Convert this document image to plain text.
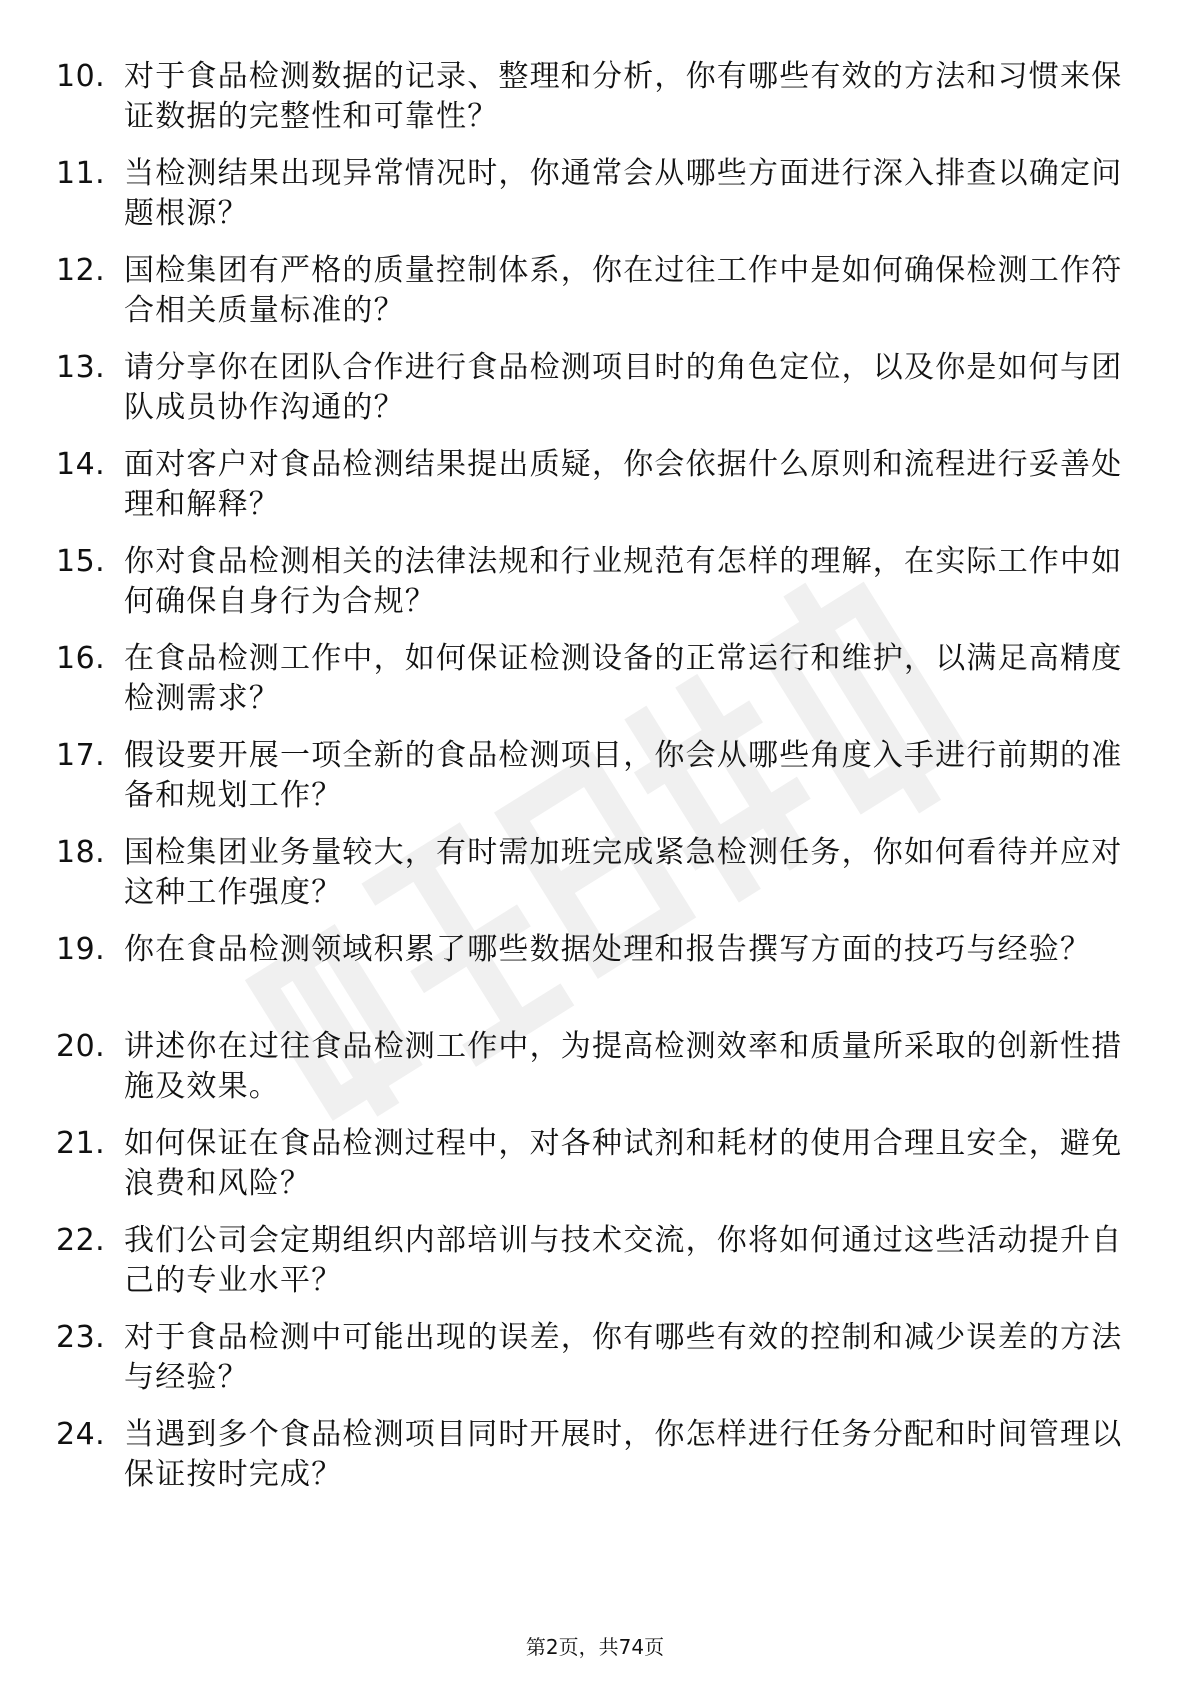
10. 对于食品检测数据的记录、整理和分析，你有哪些有效的方法和习惯来保证数据的完整性和可靠性？
11. 当检测结果出现异常情况时，你通常会从哪些方面进行深入排查以确定问题根源？
12. 国检集团有严格的质量控制体系，你在过往工作中是如何确保检测工作符合相关质量标准的？
13. 请分享你在团队合作进行食品检测项目时的角色定位，以及你是如何与团队成员协作沟通的？
14. 面对客户对食品检测结果提出质疑，你会依据什么原则和流程进行妥善处理和解释？
15. 你对食品检测相关的法律法规和行业规范有怎样的理解，在实际工作中如何确保自身行为合规？
16. 在食品检测工作中，如何保证检测设备的正常运行和维护，以满足高精度检测需求？
17. 假设要开展一项全新的食品检测项目，你会从哪些角度入手进行前期的准备和规划工作？
18. 国检集团业务量较大，有时需加班完成紧急检测任务，你如何看待并应对这种工作强度？
19. 你在食品检测领域积累了哪些数据处理和报告撰写方面的技巧与经验？
20. 讲述你在过往食品检测工作中，为提高检测效率和质量所采取的创新性措施及效果。
21. 如何保证在食品检测过程中，对各种试剂和耗材的使用合理且安全，避免浪费和风险？
22. 我们公司会定期组织内部培训与技术交流，你将如何通过这些活动提升自己的专业水平？
23. 对于食品检测中可能出现的误差，你有哪些有效的控制和减少误差的方法与经验？
24. 当遇到多个食品检测项目同时开展时，你怎样进行任务分配和时间管理以保证按时完成？
第2页，共74页
